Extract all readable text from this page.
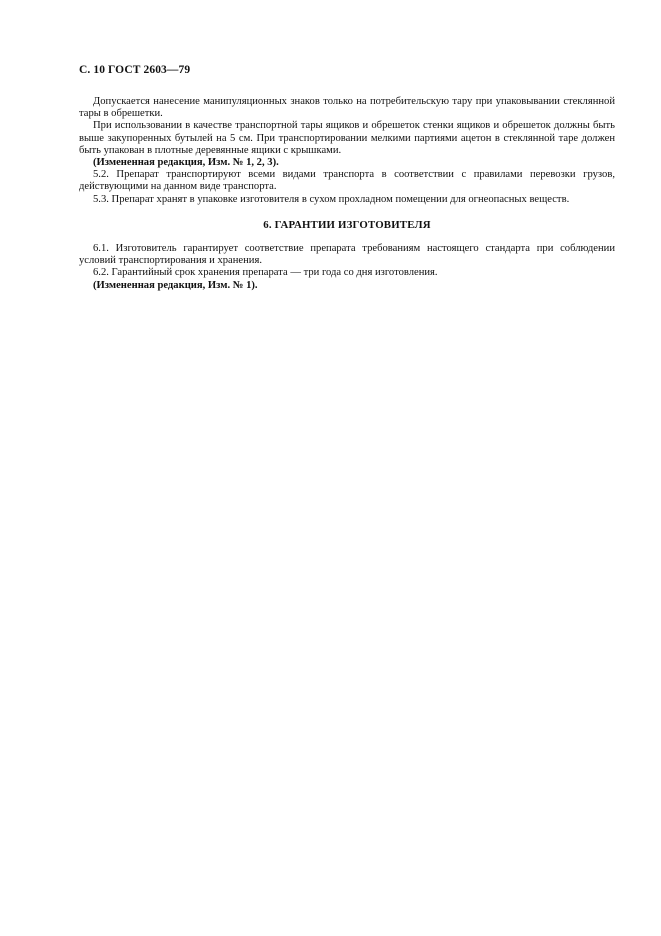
С. 10 ГОСТ 2603—79

Допускается нанесение манипуляционных знаков только на потребительскую тару при упаковывании стеклянной тары в обрешетки.

При использовании в качестве транспортной тары ящиков и обрешеток стенки ящиков и обрешеток должны быть выше закупоренных бутылей на 5 см. При транспортировании мелкими партиями ацетон в стеклянной таре должен быть упакован в плотные деревянные ящики с крышками.

(Измененная редакция, Изм. № 1, 2, 3).

5.2. Препарат транспортируют всеми видами транспорта в соответствии с правилами перевозки грузов, действующими на данном виде транспорта.

5.3. Препарат хранят в упаковке изготовителя в сухом прохладном помещении для огнеопасных веществ.

6. ГАРАНТИИ ИЗГОТОВИТЕЛЯ

6.1. Изготовитель гарантирует соответствие препарата требованиям настоящего стандарта при соблюдении условий транспортирования и хранения.

6.2. Гарантийный срок хранения препарата — три года со дня изготовления.

(Измененная редакция, Изм. № 1).
